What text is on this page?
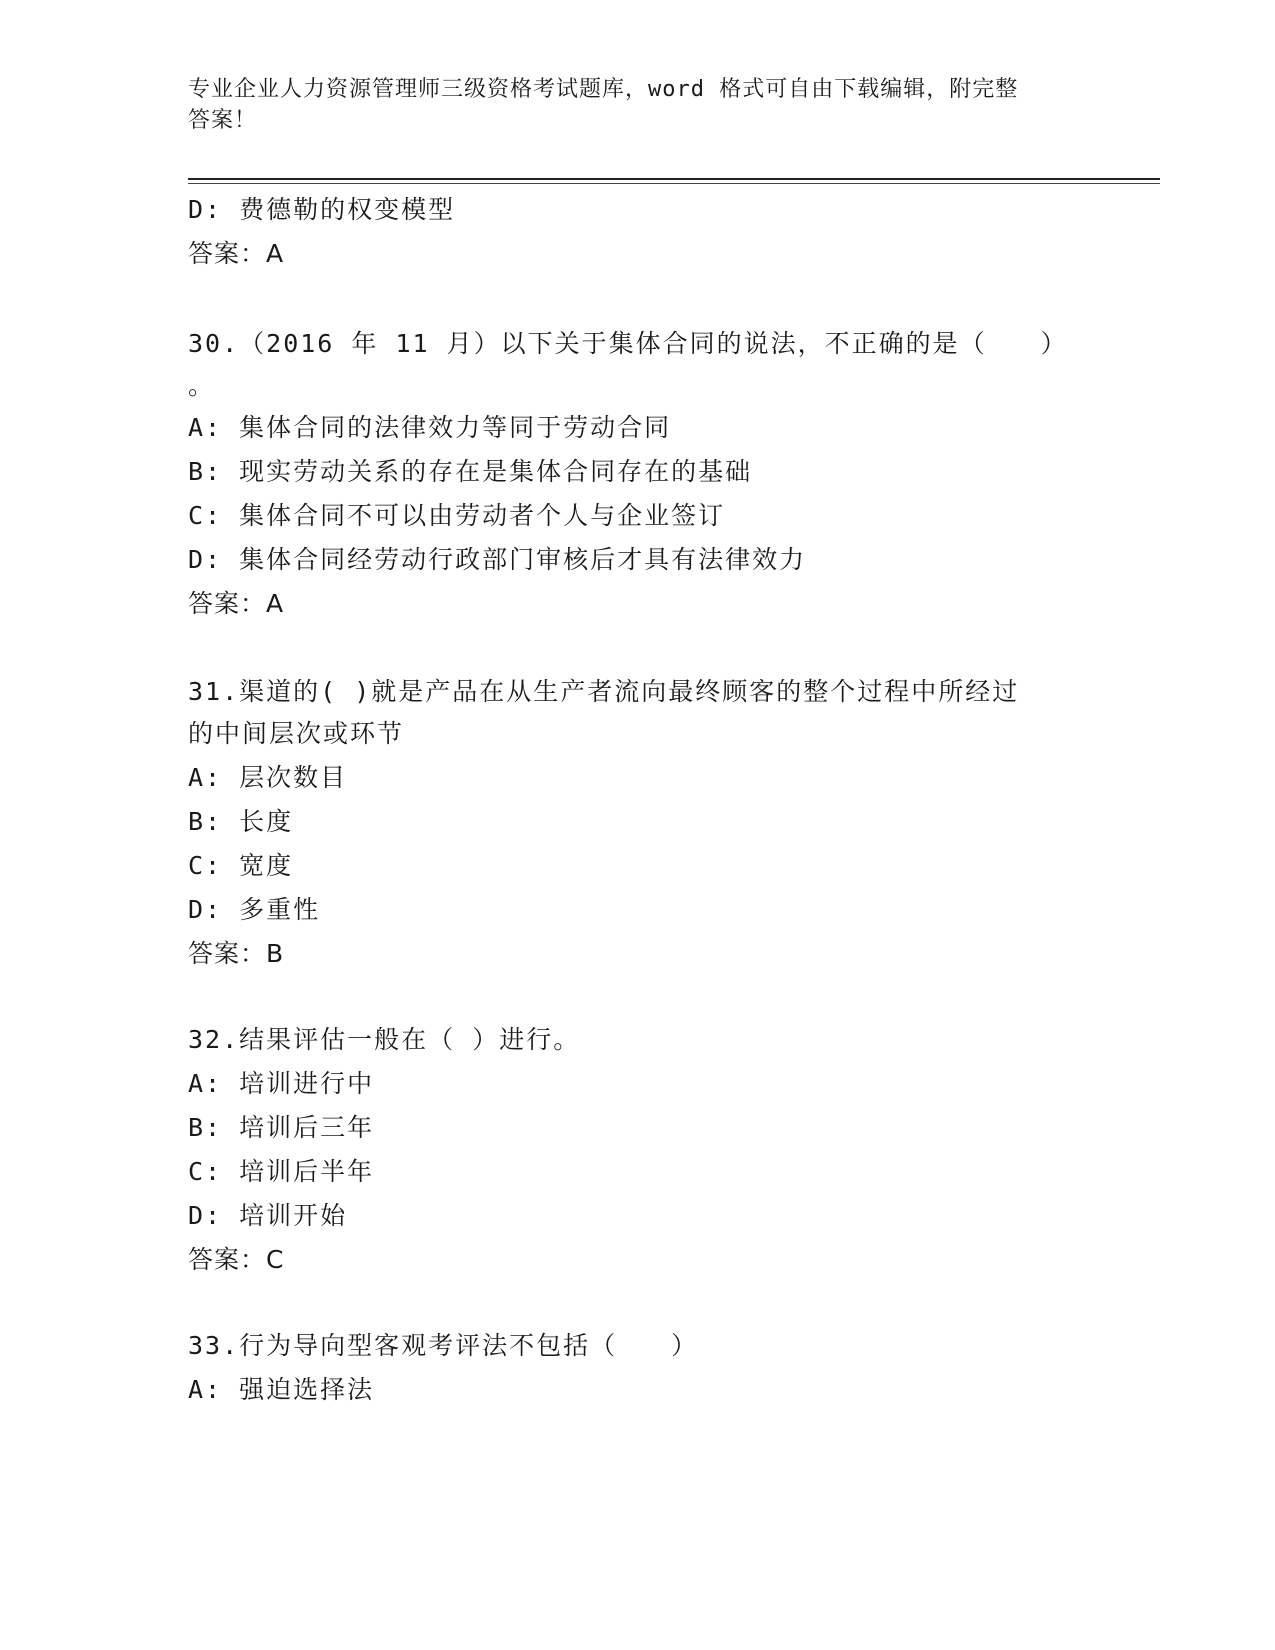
专业企业人力资源管理师三级资格考试题库，word 格式可自由下载编辑，附完整
答案！
D: 费德勒的权变模型
答案：A
30.（2016 年 11 月）以下关于集体合同的说法，不正确的是（　　）
。
A: 集体合同的法律效力等同于劳动合同
B: 现实劳动关系的存在是集体合同存在的基础
C: 集体合同不可以由劳动者个人与企业签订
D: 集体合同经劳动行政部门审核后才具有法律效力
答案：A
31.渠道的( )就是产品在从生产者流向最终顾客的整个过程中所经过
的中间层次或环节
A: 层次数目
B: 长度
C: 宽度
D: 多重性
答案：B
32.结果评估一般在（ ）进行。
A: 培训进行中
B: 培训后三年
C: 培训后半年
D: 培训开始
答案：C
33.行为导向型客观考评法不包括（　　）
A: 强迫选择法
